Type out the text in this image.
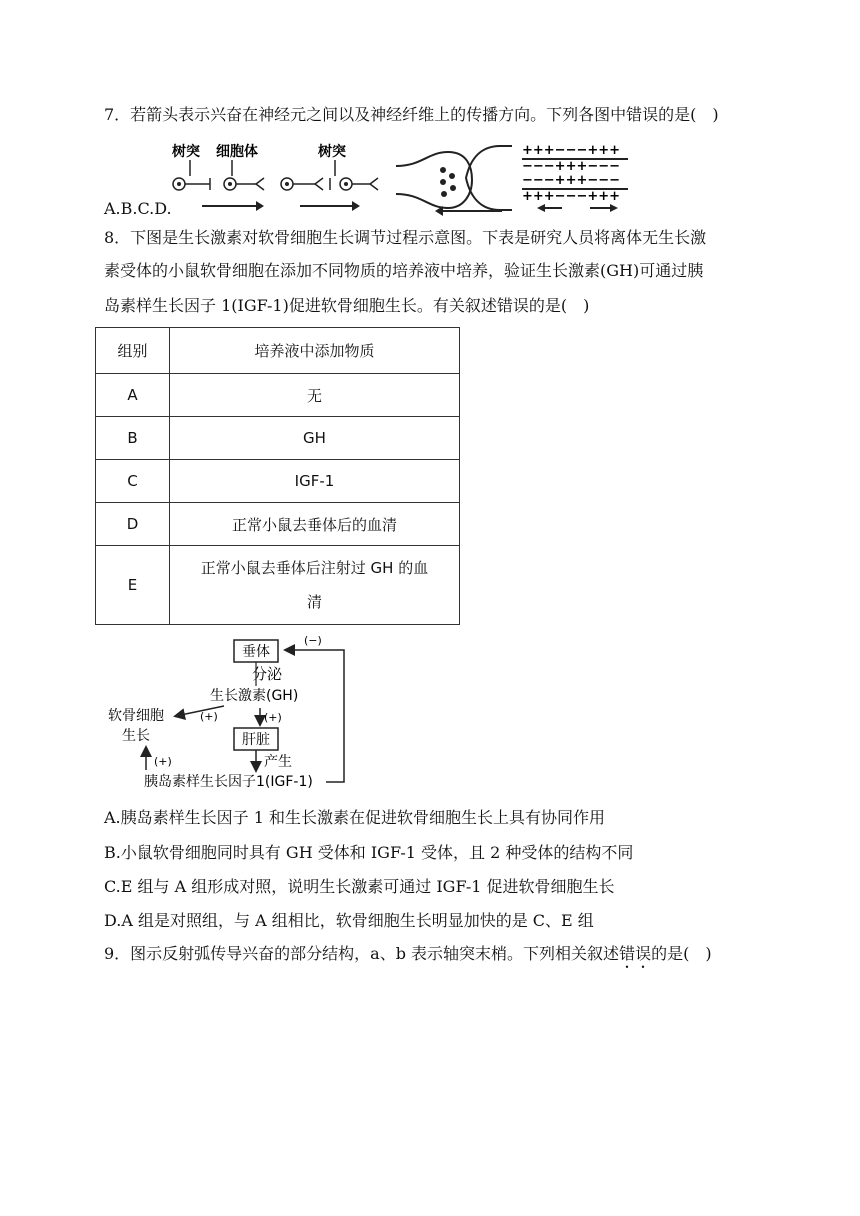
7．若箭头表示兴奋在神经元之间以及神经纤维上的传播方向。下列各图中错误的是(　)
树突 细胞体	树突	+++−−−+++
−−−+++−−−
−−−+++−−−
+++−−−+++
A.B.C.D.
8．下图是生长激素对软骨细胞生长调节过程示意图。下表是研究人员将离体无生长激
素受体的小鼠软骨细胞在添加不同物质的培养液中培养，验证生长激素(GH)可通过胰
岛素样生长因子 1(IGF-1)促进软骨细胞生长。有关叙述错误的是(　)
组别	培养液中添加物质
A	无
B	GH
C	IGF-1
D	正常小鼠去垂体后的血清
E	正常小鼠去垂体后注射过 GH 的血
清
垂体
(−)
分泌
生长激素(GH)
(+)	(+)
软骨细胞
生长	肝脏
产生
胰岛素样生长因子1(IGF-1)
(+)
A.胰岛素样生长因子 1 和生长激素在促进软骨细胞生长上具有协同作用
B.小鼠软骨细胞同时具有 GH 受体和 IGF-1 受体，且 2 种受体的结构不同
C.E 组与 A 组形成对照，说明生长激素可通过 IGF-1 促进软骨细胞生长
D.A 组是对照组，与 A 组相比，软骨细胞生长明显加快的是 C、E 组
9．图示反射弧传导兴奋的部分结构，a、b 表示轴突末梢。下列相关叙述错误的是(　)
